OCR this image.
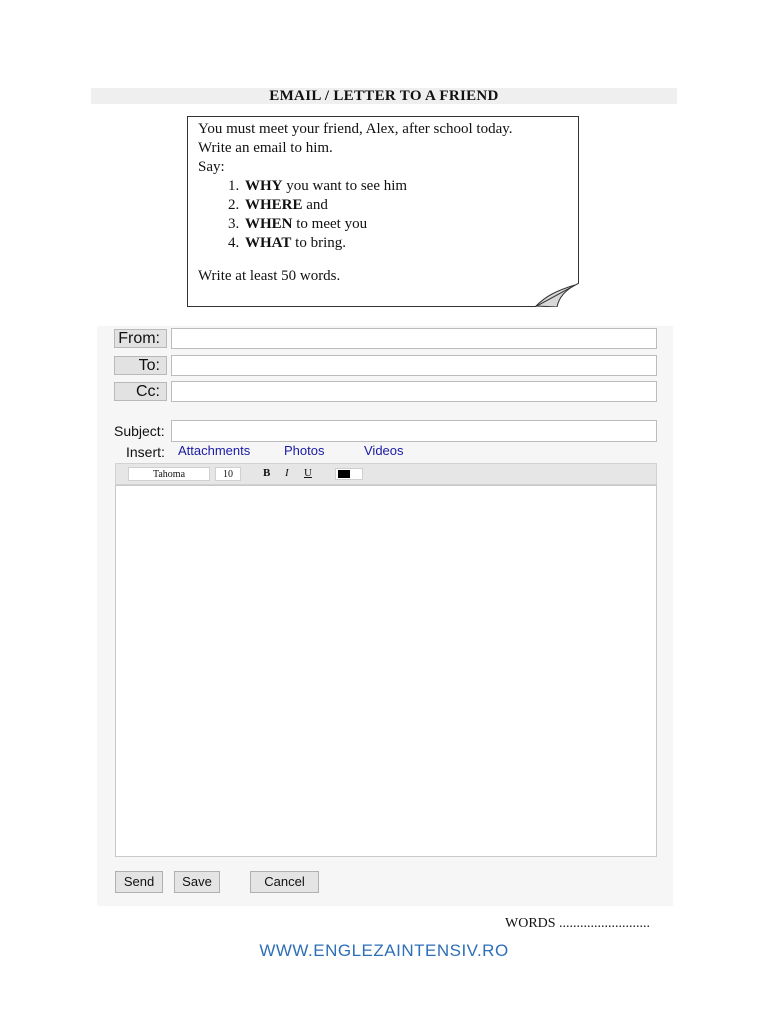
EMAIL / LETTER TO A FRIEND

You must meet your friend, Alex, after school today.

Write an email to him.

Say:

1. WHY you want to see him
2. WHERE and
3. WHEN to meet you
4. WHAT to bring.

Write at least 50 words.

From:
To:
Cc:
Subject:
Insert: Attachments	Photos	Videos
Tahoma	10	B I U
Send	Save	Cancel
WORDS ..........................
WWW.ENGLEZAINTENSIV.RO
